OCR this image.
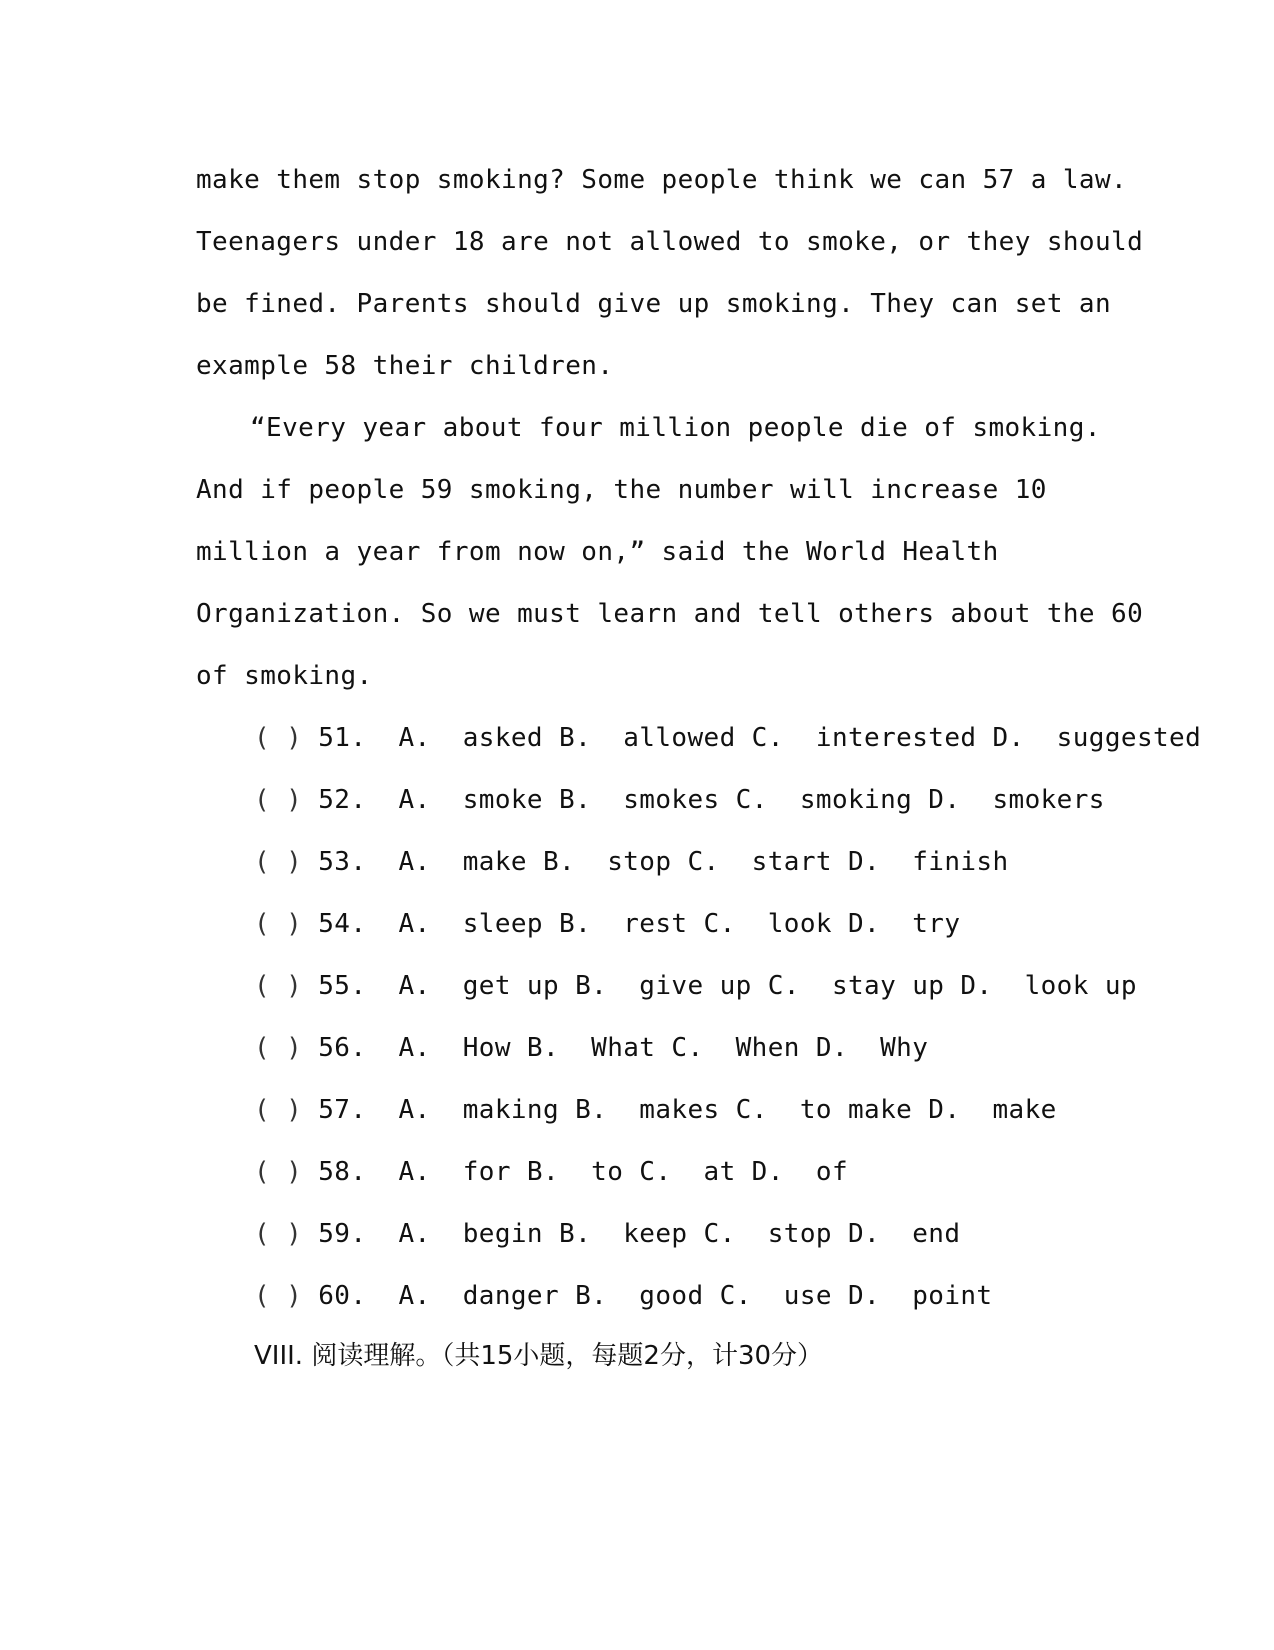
make them stop smoking? Some people think we can 57 a law.
Teenagers under 18 are not allowed to smoke, or they should
be fined. Parents should give up smoking. They can set an
example 58 their children.
“Every year about four million people die of smoking.
And if people 59 smoking, the number will increase 10
million a year from now on,” said the World Health
Organization. So we must learn and tell others about the 60
of smoking.
( ) 51.  A.  asked B.  allowed C.  interested D.  suggested
( ) 52.  A.  smoke B.  smokes C.  smoking D.  smokers
( ) 53.  A.  make B.  stop C.  start D.  finish
( ) 54.  A.  sleep B.  rest C.  look D.  try
( ) 55.  A.  get up B.  give up C.  stay up D.  look up
( ) 56.  A.  How B.  What C.  When D.  Why
( ) 57.  A.  making B.  makes C.  to make D.  make
( ) 58.  A.  for B.  to C.  at D.  of
( ) 59.  A.  begin B.  keep C.  stop D.  end
( ) 60.  A.  danger B.  good C.  use D.  point
VIII. 阅读理解。（共15小题，每题2分，计30分）
